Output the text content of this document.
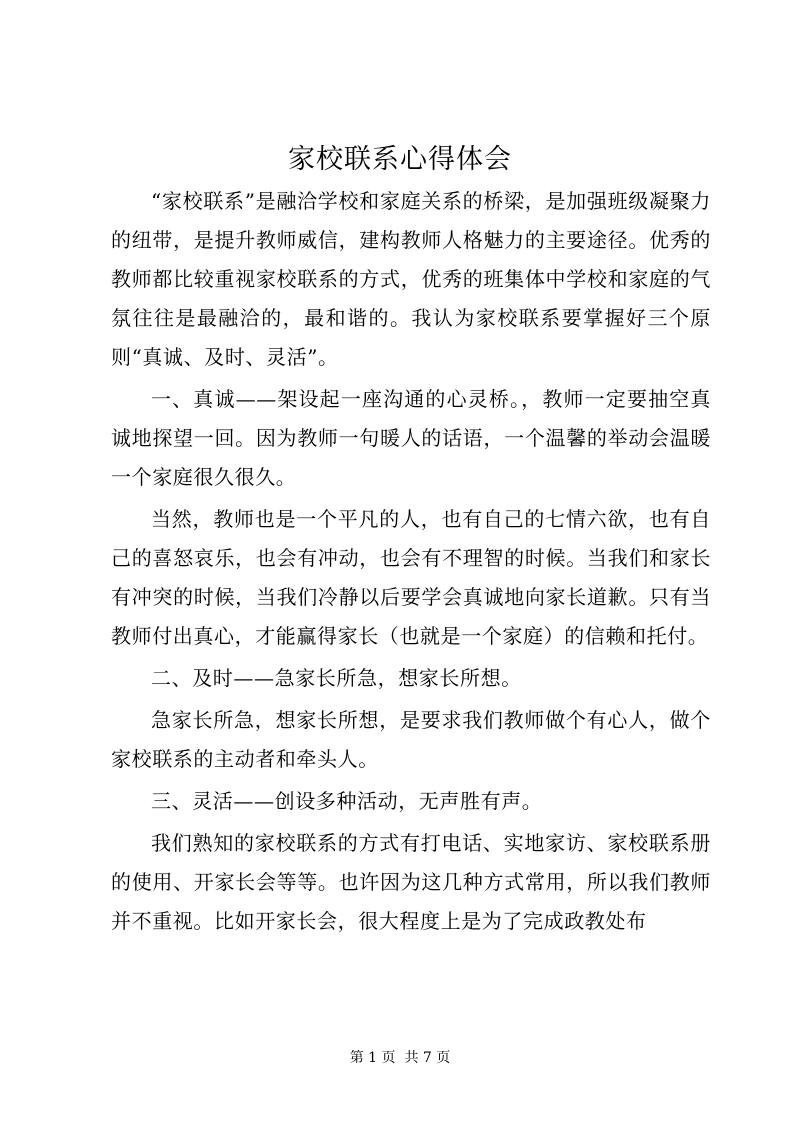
家校联系心得体会

“家校联系”是融洽学校和家庭关系的桥梁，是加强班级凝聚力的纽带，是提升教师威信，建构教师人格魅力的主要途径。优秀的教师都比较重视家校联系的方式，优秀的班集体中学校和家庭的气氛往往是最融洽的，最和谐的。我认为家校联系要掌握好三个原则“真诚、及时、灵活”。

一、真诚——架设起一座沟通的心灵桥。，教师一定要抽空真诚地探望一回。因为教师一句暖人的话语，一个温馨的举动会温暖一个家庭很久很久。

当然，教师也是一个平凡的人，也有自己的七情六欲，也有自己的喜怒哀乐，也会有冲动，也会有不理智的时候。当我们和家长有冲突的时候，当我们冷静以后要学会真诚地向家长道歉。只有当教师付出真心，才能赢得家长（也就是一个家庭）的信赖和托付。

二、及时——急家长所急，想家长所想。

急家长所急，想家长所想，是要求我们教师做个有心人，做个家校联系的主动者和牵头人。

三、灵活——创设多种活动，无声胜有声。

我们熟知的家校联系的方式有打电话、实地家访、家校联系册的使用、开家长会等等。也许因为这几种方式常用，所以我们教师并不重视。比如开家长会，很大程度上是为了完成政教处布

第 1 页 共 7 页
